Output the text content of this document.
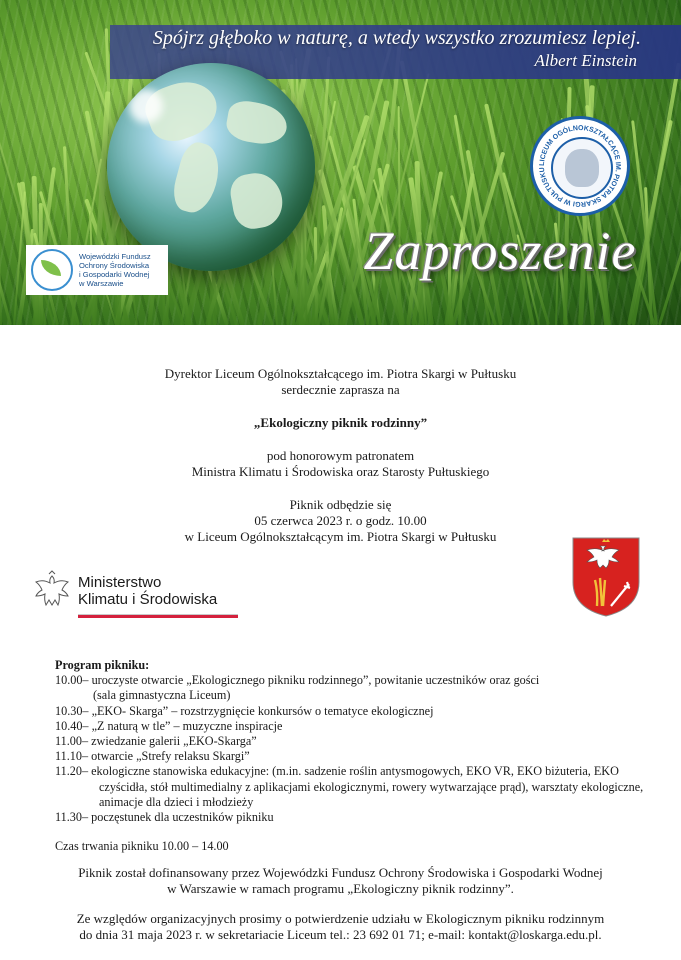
Spójrz głęboko w naturę, a wtedy wszystko zrozumiesz lepiej.
Albert Einstein
Wojewódzki Fundusz
Ochrony Środowiska
i Gospodarki Wodnej
w Warszawie
LICEUM OGÓLNOKSZTAŁCĄCE IM. PIOTRA SKARGI W PUŁTUSKU
Zaproszenie
Dyrektor Liceum Ogólnokształcącego im. Piotra Skargi w Pułtusku
serdecznie zaprasza na
„Ekologiczny piknik rodzinny”
pod honorowym patronatem
Ministra Klimatu i Środowiska oraz Starosty Pułtuskiego
Piknik odbędzie się
05 czerwca 2023 r. o godz. 10.00
w Liceum Ogólnokształcącym im. Piotra Skargi w Pułtusku
Ministerstwo
Klimatu i Środowiska
Program pikniku:
10.00 – uroczyste otwarcie „Ekologicznego pikniku rodzinnego”, powitanie uczestników oraz gości
(sala gimnastyczna Liceum)
10.30 – „EKO- Skarga” – rozstrzygnięcie konkursów o tematyce ekologicznej
10.40 – „Z naturą w tle” – muzyczne inspiracje
11.00 – zwiedzanie galerii „EKO-Skarga”
11.10 – otwarcie „Strefy relaksu Skargi”
11.20 – ekologiczne stanowiska edukacyjne: (m.in. sadzenie roślin antysmogowych, EKO VR, EKO biżuteria, EKO
czyścidła, stół multimedialny z aplikacjami ekologicznymi, rowery wytwarzające prąd), warsztaty ekologiczne,
animacje dla dzieci i młodzieży
11.30 – poczęstunek dla uczestników pikniku
Czas trwania pikniku 10.00 – 14.00
Piknik został dofinansowany przez Wojewódzki Fundusz Ochrony Środowiska i Gospodarki Wodnej
w Warszawie w ramach programu „Ekologiczny piknik rodzinny”.
Ze względów organizacyjnych prosimy o potwierdzenie udziału w Ekologicznym pikniku rodzinnym
do dnia 31 maja 2023 r. w sekretariacie Liceum tel.: 23 692 01 71; e-mail: kontakt@loskarga.edu.pl.
